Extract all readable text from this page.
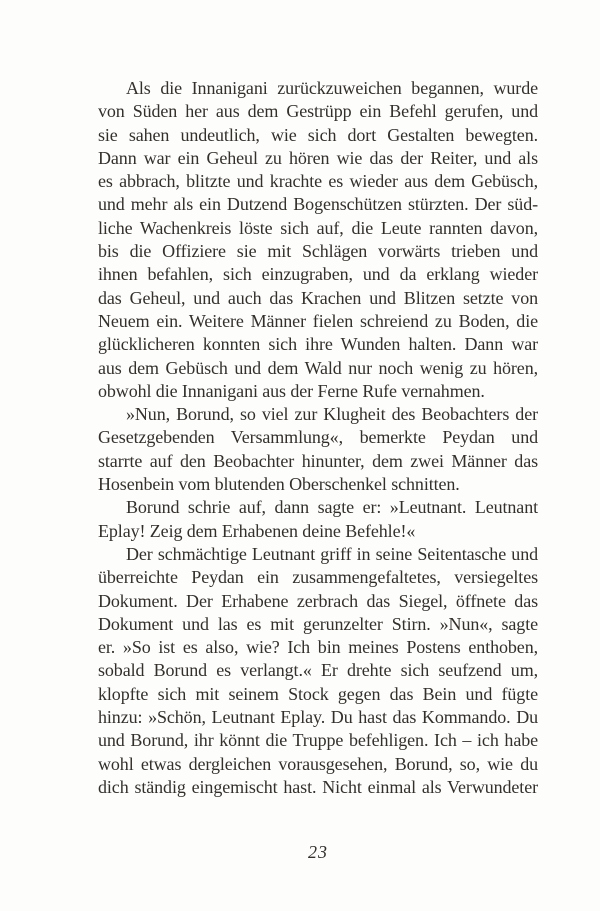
Als die Innanigani zurückzuweichen begannen, wurde
von Süden her aus dem Gestrüpp ein Befehl gerufen, und
sie sahen undeutlich, wie sich dort Gestalten bewegten.
Dann war ein Geheul zu hören wie das der Reiter, und als
es abbrach, blitzte und krachte es wieder aus dem Gebüsch,
und mehr als ein Dutzend Bogenschützen stürzten. Der süd-
liche Wachenkreis löste sich auf, die Leute rannten davon,
bis die Offiziere sie mit Schlägen vorwärts trieben und
ihnen befahlen, sich einzugraben, und da erklang wieder
das Geheul, und auch das Krachen und Blitzen setzte von
Neuem ein. Weitere Männer fielen schreiend zu Boden, die
glücklicheren konnten sich ihre Wunden halten. Dann war
aus dem Gebüsch und dem Wald nur noch wenig zu hören,
obwohl die Innanigani aus der Ferne Rufe vernahmen.

»Nun, Borund, so viel zur Klugheit des Beobachters der
Gesetzgebenden Versammlung«, bemerkte Peydan und
starrte auf den Beobachter hinunter, dem zwei Männer das
Hosenbein vom blutenden Oberschenkel schnitten.

Borund schrie auf, dann sagte er: »Leutnant. Leutnant
Eplay! Zeig dem Erhabenen deine Befehle!«

Der schmächtige Leutnant griff in seine Seitentasche und
überreichte Peydan ein zusammengefaltetes, versiegeltes
Dokument. Der Erhabene zerbrach das Siegel, öffnete das
Dokument und las es mit gerunzelter Stirn. »Nun«, sagte
er. »So ist es also, wie? Ich bin meines Postens enthoben,
sobald Borund es verlangt.« Er drehte sich seufzend um,
klopfte sich mit seinem Stock gegen das Bein und fügte
hinzu: »Schön, Leutnant Eplay. Du hast das Kommando. Du
und Borund, ihr könnt die Truppe befehligen. Ich – ich habe
wohl etwas dergleichen vorausgesehen, Borund, so, wie du
dich ständig eingemischt hast. Nicht einmal als Verwundeter

23
